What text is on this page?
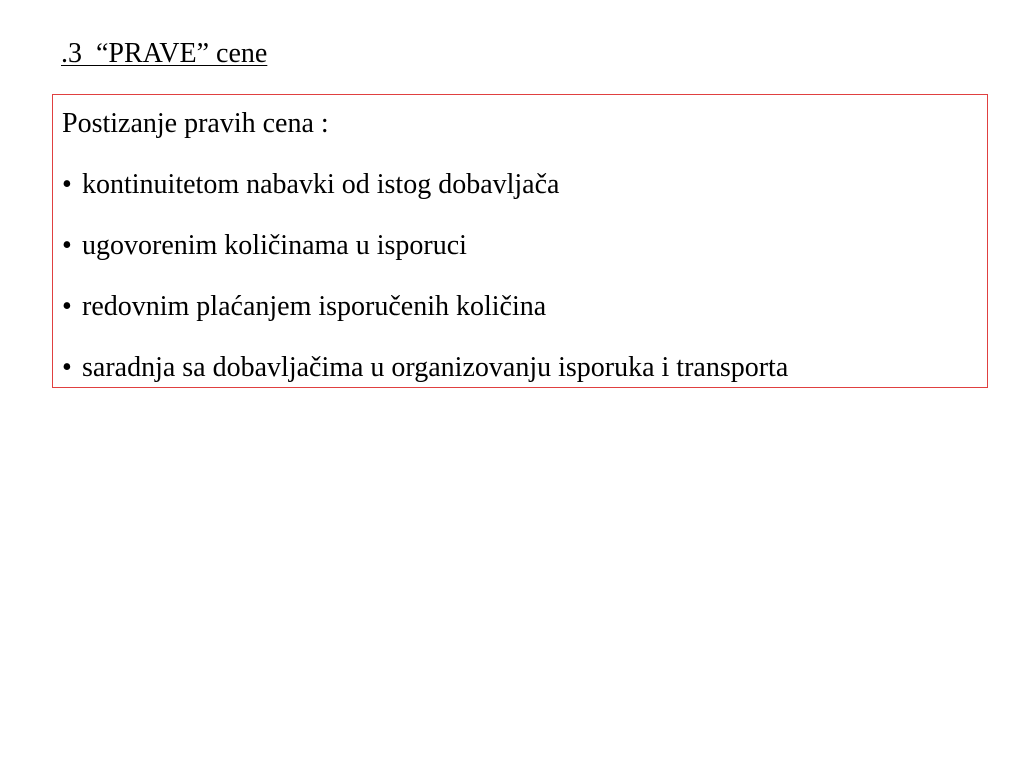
.3  “PRAVE” cene
Postizanje pravih cena :
• kontinuitetom nabavki od istog dobavljača
• ugovorenim količinama u isporuci
• redovnim plaćanjem isporučenih količina
• saradnja sa dobavljačima u organizovanju isporuka i transporta
